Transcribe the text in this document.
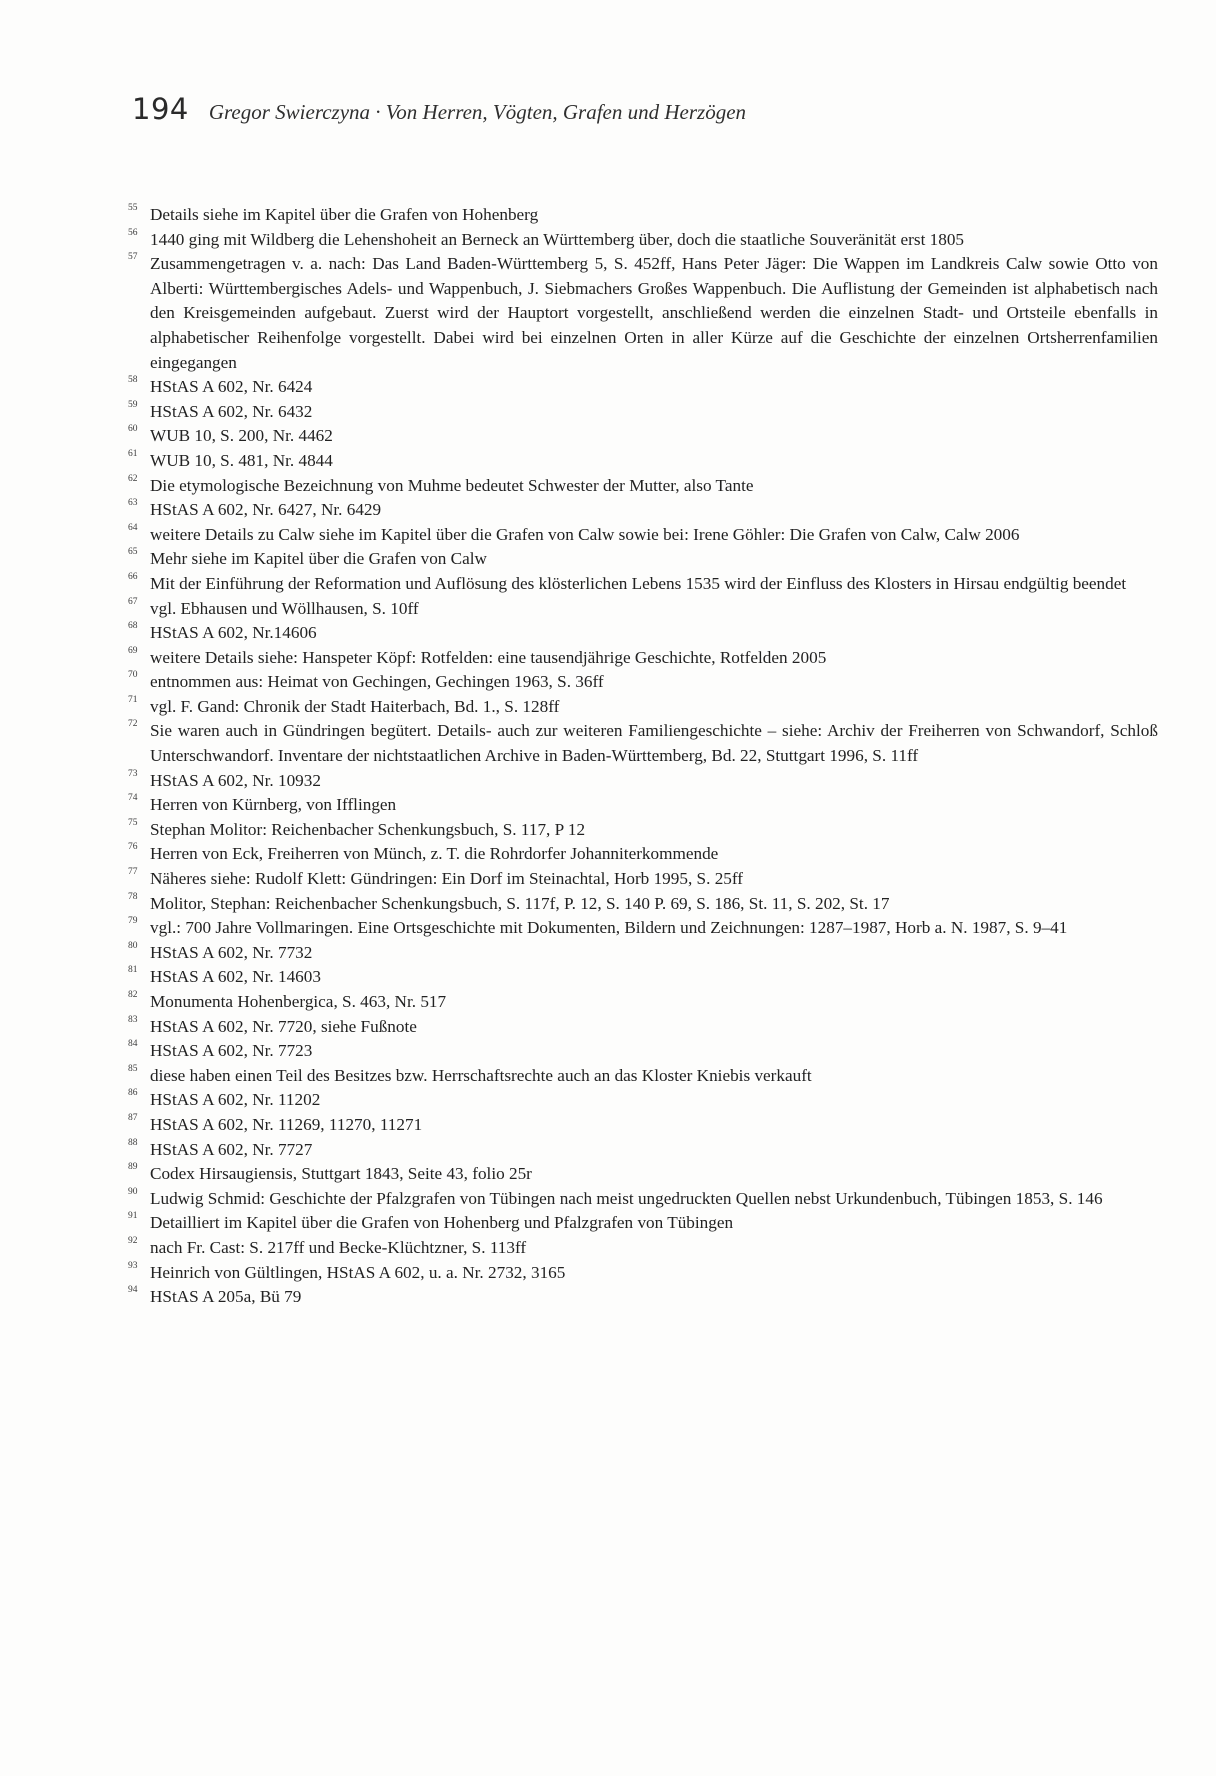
194 Gregor Swierczyna · Von Herren, Vögten, Grafen und Herzögen
55 Details siehe im Kapitel über die Grafen von Hohenberg
56 1440 ging mit Wildberg die Lehenshoheit an Berneck an Württemberg über, doch die staatliche Souveränität erst 1805
57 Zusammengetragen v. a. nach: Das Land Baden-Württemberg 5, S. 452ff, Hans Peter Jäger: Die Wappen im Landkreis Calw sowie Otto von Alberti: Württembergisches Adels- und Wappenbuch, J. Siebmachers Großes Wappenbuch. Die Auflistung der Gemeinden ist alphabetisch nach den Kreisgemeinden aufgebaut. Zuerst wird der Hauptort vorgestellt, anschließend werden die einzelnen Stadt- und Ortsteile ebenfalls in alphabetischer Reihenfolge vorgestellt. Dabei wird bei einzelnen Orten in aller Kürze auf die Geschichte der einzelnen Ortsherrenfamilien eingegangen
58 HStAS A 602, Nr. 6424
59 HStAS A 602, Nr. 6432
60 WUB 10, S. 200, Nr. 4462
61 WUB 10, S. 481, Nr. 4844
62 Die etymologische Bezeichnung von Muhme bedeutet Schwester der Mutter, also Tante
63 HStAS A 602, Nr. 6427, Nr. 6429
64 weitere Details zu Calw siehe im Kapitel über die Grafen von Calw sowie bei: Irene Göhler: Die Grafen von Calw, Calw 2006
65 Mehr siehe im Kapitel über die Grafen von Calw
66 Mit der Einführung der Reformation und Auflösung des klösterlichen Lebens 1535 wird der Einfluss des Klosters in Hirsau endgültig beendet
67 vgl. Ebhausen und Wöllhausen, S. 10ff
68 HStAS A 602, Nr.14606
69 weitere Details siehe: Hanspeter Köpf: Rotfelden: eine tausendjährige Geschichte, Rotfelden 2005
70 entnommen aus: Heimat von Gechingen, Gechingen 1963, S. 36ff
71 vgl. F. Gand: Chronik der Stadt Haiterbach, Bd. 1., S. 128ff
72 Sie waren auch in Gündringen begütert. Details- auch zur weiteren Familiengeschichte – siehe: Archiv der Freiherren von Schwandorf, Schloß Unterschwandorf. Inventare der nichtstaatlichen Archive in Baden-Württemberg, Bd. 22, Stuttgart 1996, S. 11ff
73 HStAS A 602, Nr. 10932
74 Herren von Kürnberg, von Ifflingen
75 Stephan Molitor: Reichenbacher Schenkungsbuch, S. 117, P 12
76 Herren von Eck, Freiherren von Münch, z. T. die Rohrdorfer Johanniterkommende
77 Näheres siehe: Rudolf Klett: Gündringen: Ein Dorf im Steinachtal, Horb 1995, S. 25ff
78 Molitor, Stephan: Reichenbacher Schenkungsbuch, S. 117f, P. 12, S. 140 P. 69, S. 186, St. 11, S. 202, St. 17
79 vgl.: 700 Jahre Vollmaringen. Eine Ortsgeschichte mit Dokumenten, Bildern und Zeichnungen: 1287–1987, Horb a. N. 1987, S. 9–41
80 HStAS A 602, Nr. 7732
81 HStAS A 602, Nr. 14603
82 Monumenta Hohenbergica, S. 463, Nr. 517
83 HStAS A 602, Nr. 7720, siehe Fußnote
84 HStAS A 602, Nr. 7723
85 diese haben einen Teil des Besitzes bzw. Herrschaftsrechte auch an das Kloster Kniebis verkauft
86 HStAS A 602, Nr. 11202
87 HStAS A 602, Nr. 11269, 11270, 11271
88 HStAS A 602, Nr. 7727
89 Codex Hirsaugiensis, Stuttgart 1843, Seite 43, folio 25r
90 Ludwig Schmid: Geschichte der Pfalzgrafen von Tübingen nach meist ungedruckten Quellen nebst Urkundenbuch, Tübingen 1853, S. 146
91 Detailliert im Kapitel über die Grafen von Hohenberg und Pfalzgrafen von Tübingen
92 nach Fr. Cast: S. 217ff und Becke-Klüchtzner, S. 113ff
93 Heinrich von Gültlingen, HStAS A 602, u. a. Nr. 2732, 3165
94 HStAS A 205a, Bü 79
